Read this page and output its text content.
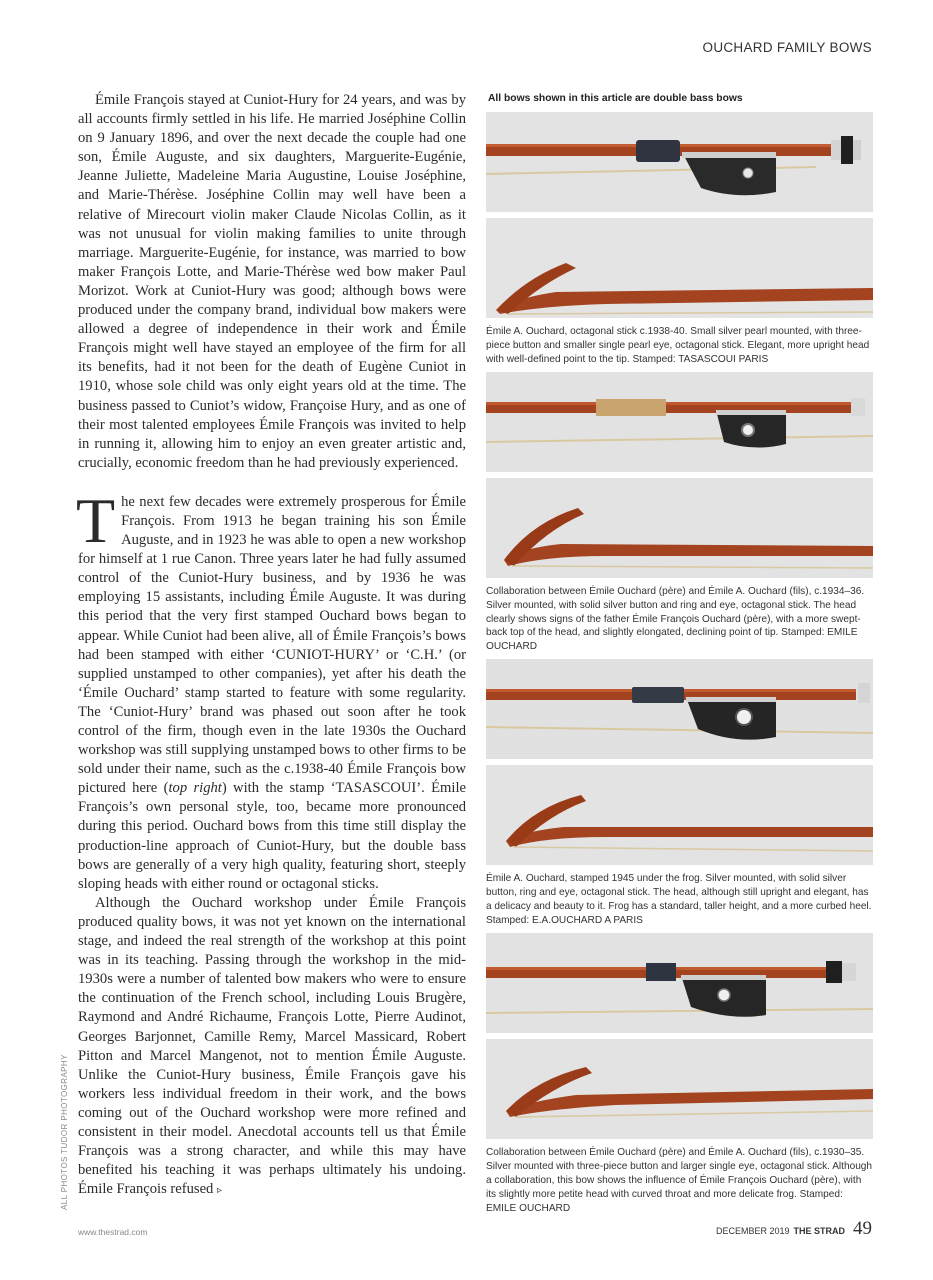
OUCHARD FAMILY BOWS

Émile François stayed at Cuniot-Hury for 24 years, and was by all accounts firmly settled in his life. He married Joséphine Collin on 9 January 1896, and over the next decade the couple had one son, Émile Auguste, and six daughters, Marguerite-Eugénie, Jeanne Juliette, Madeleine Maria Augustine, Louise Joséphine, and Marie-Thérèse. Joséphine Collin may well have been a relative of Mirecourt violin maker Claude Nicolas Collin, as it was not unusual for violin making families to unite through marriage. Marguerite-Eugénie, for instance, was married to bow maker François Lotte, and Marie-Thérèse wed bow maker Paul Morizot. Work at Cuniot-Hury was good; although bows were produced under the company brand, individual bow makers were allowed a degree of independence in their work and Émile François might well have stayed an employee of the firm for all its benefits, had it not been for the death of Eugène Cuniot in 1910, whose sole child was only eight years old at the time. The business passed to Cuniot’s widow, Françoise Hury, and as one of their most talented employees Émile François was invited to help in running it, allowing him to enjoy an even greater artistic and, crucially, economic freedom than he had previously experienced.

The next few decades were extremely prosperous for Émile François. From 1913 he began training his son Émile Auguste, and in 1923 he was able to open a new workshop for himself at 1 rue Canon. Three years later he had fully assumed control of the Cuniot-Hury business, and by 1936 he was employing 15 assistants, including Émile Auguste. It was during this period that the very first stamped Ouchard bows began to appear. While Cuniot had been alive, all of Émile François’s bows had been stamped with either ‘CUNIOT-HURY’ or ‘C.H.’ (or supplied unstamped to other companies), yet after his death the ‘Émile Ouchard’ stamp started to feature with some regularity. The ‘Cuniot-Hury’ brand was phased out soon after he took control of the firm, though even in the late 1930s the Ouchard workshop was still supplying unstamped bows to other firms to be sold under their name, such as the c.1938-40 Émile François bow pictured here (top right) with the stamp ‘TASASCOUI’. Émile François’s own personal style, too, became more pronounced during this period. Ouchard bows from this time still display the production-line approach of Cuniot-Hury, but the double bass bows are generally of a very high quality, featuring short, steeply sloping heads with either round or octagonal sticks.

Although the Ouchard workshop under Émile François produced quality bows, it was not yet known on the international stage, and indeed the real strength of the workshop at this point was in its teaching. Passing through the workshop in the mid-1930s were a number of talented bow makers who were to ensure the continuation of the French school, including Louis Brugère, Raymond and André Richaume, François Lotte, Pierre Audinot, Georges Barjonnet, Camille Remy, Marcel Massicard, Robert Pitton and Marcel Mangenot, not to mention Émile Auguste. Unlike the Cuniot-Hury business, Émile François gave his workers less individual freedom in their work, and the bows coming out of the Ouchard workshop were more refined and consistent in their model. Anecdotal accounts tell us that Émile François was a strong character, and while this may have benefited his teaching it was perhaps ultimately his undoing. Émile François refused ▹

ALL PHOTOS TUDOR PHOTOGRAPHY
All bows shown in this article are double bass bows
Émile A. Ouchard, octagonal stick c.1938-40. Small silver pearl mounted, with three-piece button and smaller single pearl eye, octagonal stick. Elegant, more upright head with well-defined point to the tip. Stamped: TASASCOUI PARIS
Collaboration between Émile Ouchard (père) and Émile A. Ouchard (fils), c.1934–36. Silver mounted, with solid silver button and ring and eye, octagonal stick. The head clearly shows signs of the father Émile François Ouchard (père), with a more swept-back top of the head, and slightly elongated, declining point of tip. Stamped: EMILE OUCHARD
Émile A. Ouchard, stamped 1945 under the frog. Silver mounted, with solid silver button, ring and eye, octagonal stick. The head, although still upright and elegant, has a delicacy and beauty to it. Frog has a standard, taller height, and a more curbed heel. Stamped: E.A.OUCHARD A PARIS
Collaboration between Émile Ouchard (père) and Émile A. Ouchard (fils), c.1930–35. Silver mounted with three-piece button and larger single eye, octagonal stick. Although a collaboration, this bow shows the influence of Émile François Ouchard (père), with its slightly more petite head with curved throat and more delicate frog. Stamped: EMILE OUCHARD
www.thestrad.com	DECEMBER 2019 THE STRAD 49
